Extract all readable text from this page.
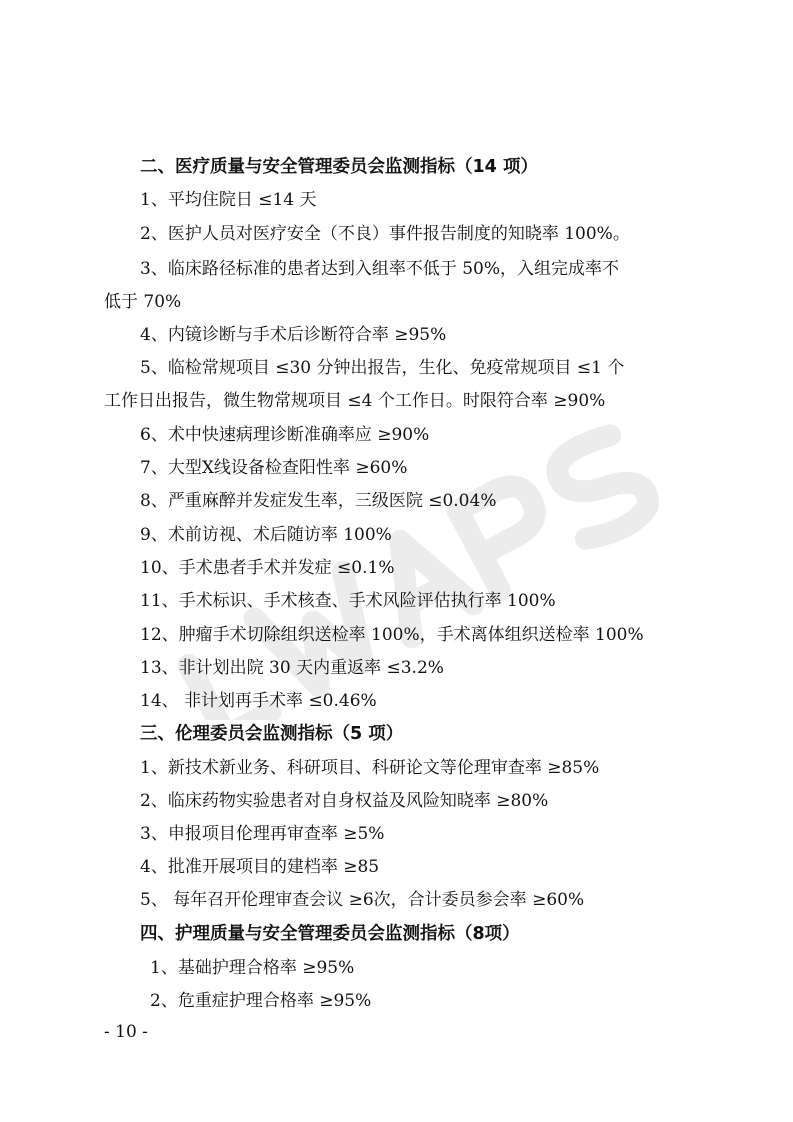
二、医疗质量与安全管理委员会监测指标（14 项）
1、平均住院日 ≤14 天
2、医护人员对医疗安全（不良）事件报告制度的知晓率 100%。
3、临床路径标准的患者达到入组率不低于 50%，入组完成率不
低于 70%
4、内镜诊断与手术后诊断符合率 ≥95%
5、临检常规项目 ≤30 分钟出报告，生化、免疫常规项目 ≤1 个
工作日出报告，微生物常规项目 ≤4 个工作日。时限符合率 ≥90%
6、术中快速病理诊断准确率应 ≥90%
7、大型X线设备检查阳性率 ≥60%
8、严重麻醉并发症发生率，三级医院 ≤0.04%
9、术前访视、术后随访率 100%
10、手术患者手术并发症 ≤0.1%
11、手术标识、手术核查、手术风险评估执行率 100%
12、肿瘤手术切除组织送检率 100%，手术离体组织送检率 100%
13、非计划出院 30 天内重返率 ≤3.2%
14、 非计划再手术率 ≤0.46%
三、伦理委员会监测指标（5 项）
1、新技术新业务、科研项目、科研论文等伦理审查率 ≥85%
2、临床药物实验患者对自身权益及风险知晓率 ≥80%
3、申报项目伦理再审查率 ≥5%
4、批准开展项目的建档率 ≥85
5、 每年召开伦理审查会议 ≥6次，合计委员参会率 ≥60%
四、护理质量与安全管理委员会监测指标（8项）
1、基础护理合格率 ≥95%
2、危重症护理合格率 ≥95%
- 10 -
